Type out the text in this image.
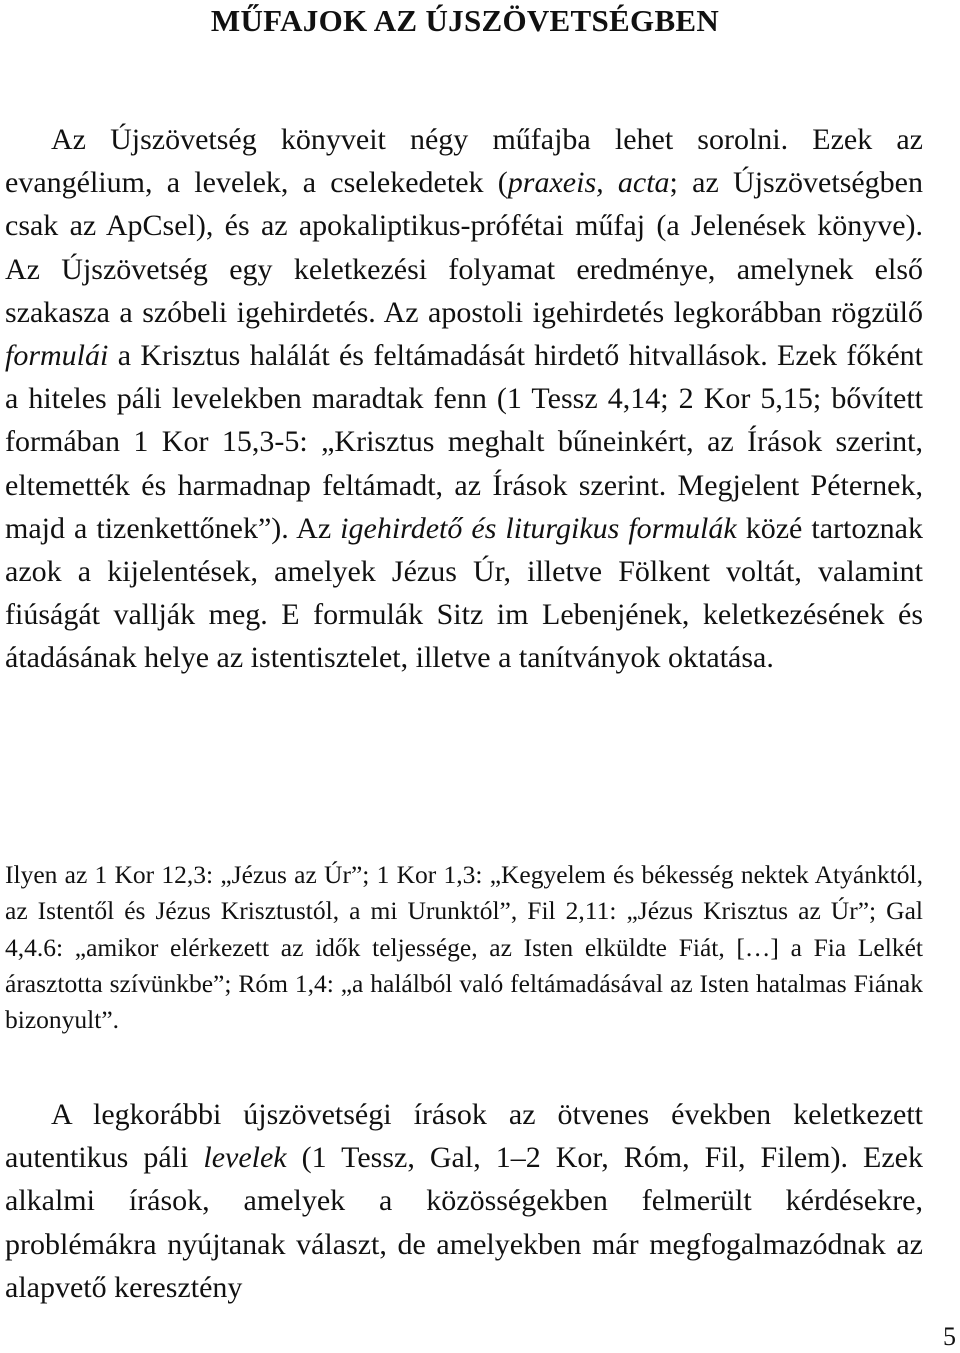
MŰFAJOK AZ ÚJSZÖVETSÉGBEN

Az Újszövetség könyveit négy műfajba lehet sorolni. Ezek az evangélium, a levelek, a cselekedetek (praxeis, acta; az Újszövetségben csak az ApCsel), és az apokaliptikus-prófétai műfaj (a Jelenések könyve). Az Újszövetség egy keletkezési folyamat eredménye, amelynek első szakasza a szóbeli igehirdetés. Az apostoli igehirdetés legkorábban rögzülő formulái a Krisztus halálát és feltámadását hirdető hitvallások. Ezek főként a hiteles páli levelekben maradtak fenn (1 Tessz 4,14; 2 Kor 5,15; bővített formában 1 Kor 15,3-5: „Krisztus meghalt bűneinkért, az Írások szerint, eltemették és harmadnap feltámadt, az Írások szerint. Megjelent Péternek, majd a tizenkettőnek”). Az igehirdető és liturgikus formulák közé tartoznak azok a kijelentések, amelyek Jézus Úr, illetve Fölkent voltát, valamint fiúságát vallják meg. E formulák Sitz im Lebenjének, keletkezésének és átadásának helye az istentisztelet, illetve a tanítványok oktatása.

Ilyen az 1 Kor 12,3: „Jézus az Úr”; 1 Kor 1,3: „Kegyelem és békesség nektek Atyánktól, az Istentől és Jézus Krisztustól, a mi Urunktól”, Fil 2,11: „Jézus Krisztus az Úr”; Gal 4,4.6: „amikor elérkezett az idők teljessége, az Isten elküldte Fiát, […] a Fia Lelkét árasztotta szívünkbe”; Róm 1,4: „a halálból való feltámadásával az Isten hatalmas Fiának bizonyult”.

A legkorábbi újszövetségi írások az ötvenes években keletkezett autentikus páli levelek (1 Tessz, Gal, 1–2 Kor, Róm, Fil, Filem). Ezek alkalmi írások, amelyek a közösségekben felmerült kérdésekre, problémákra nyújtanak választ, de amelyekben már megfogalmazódnak az alapvető keresztény

5
